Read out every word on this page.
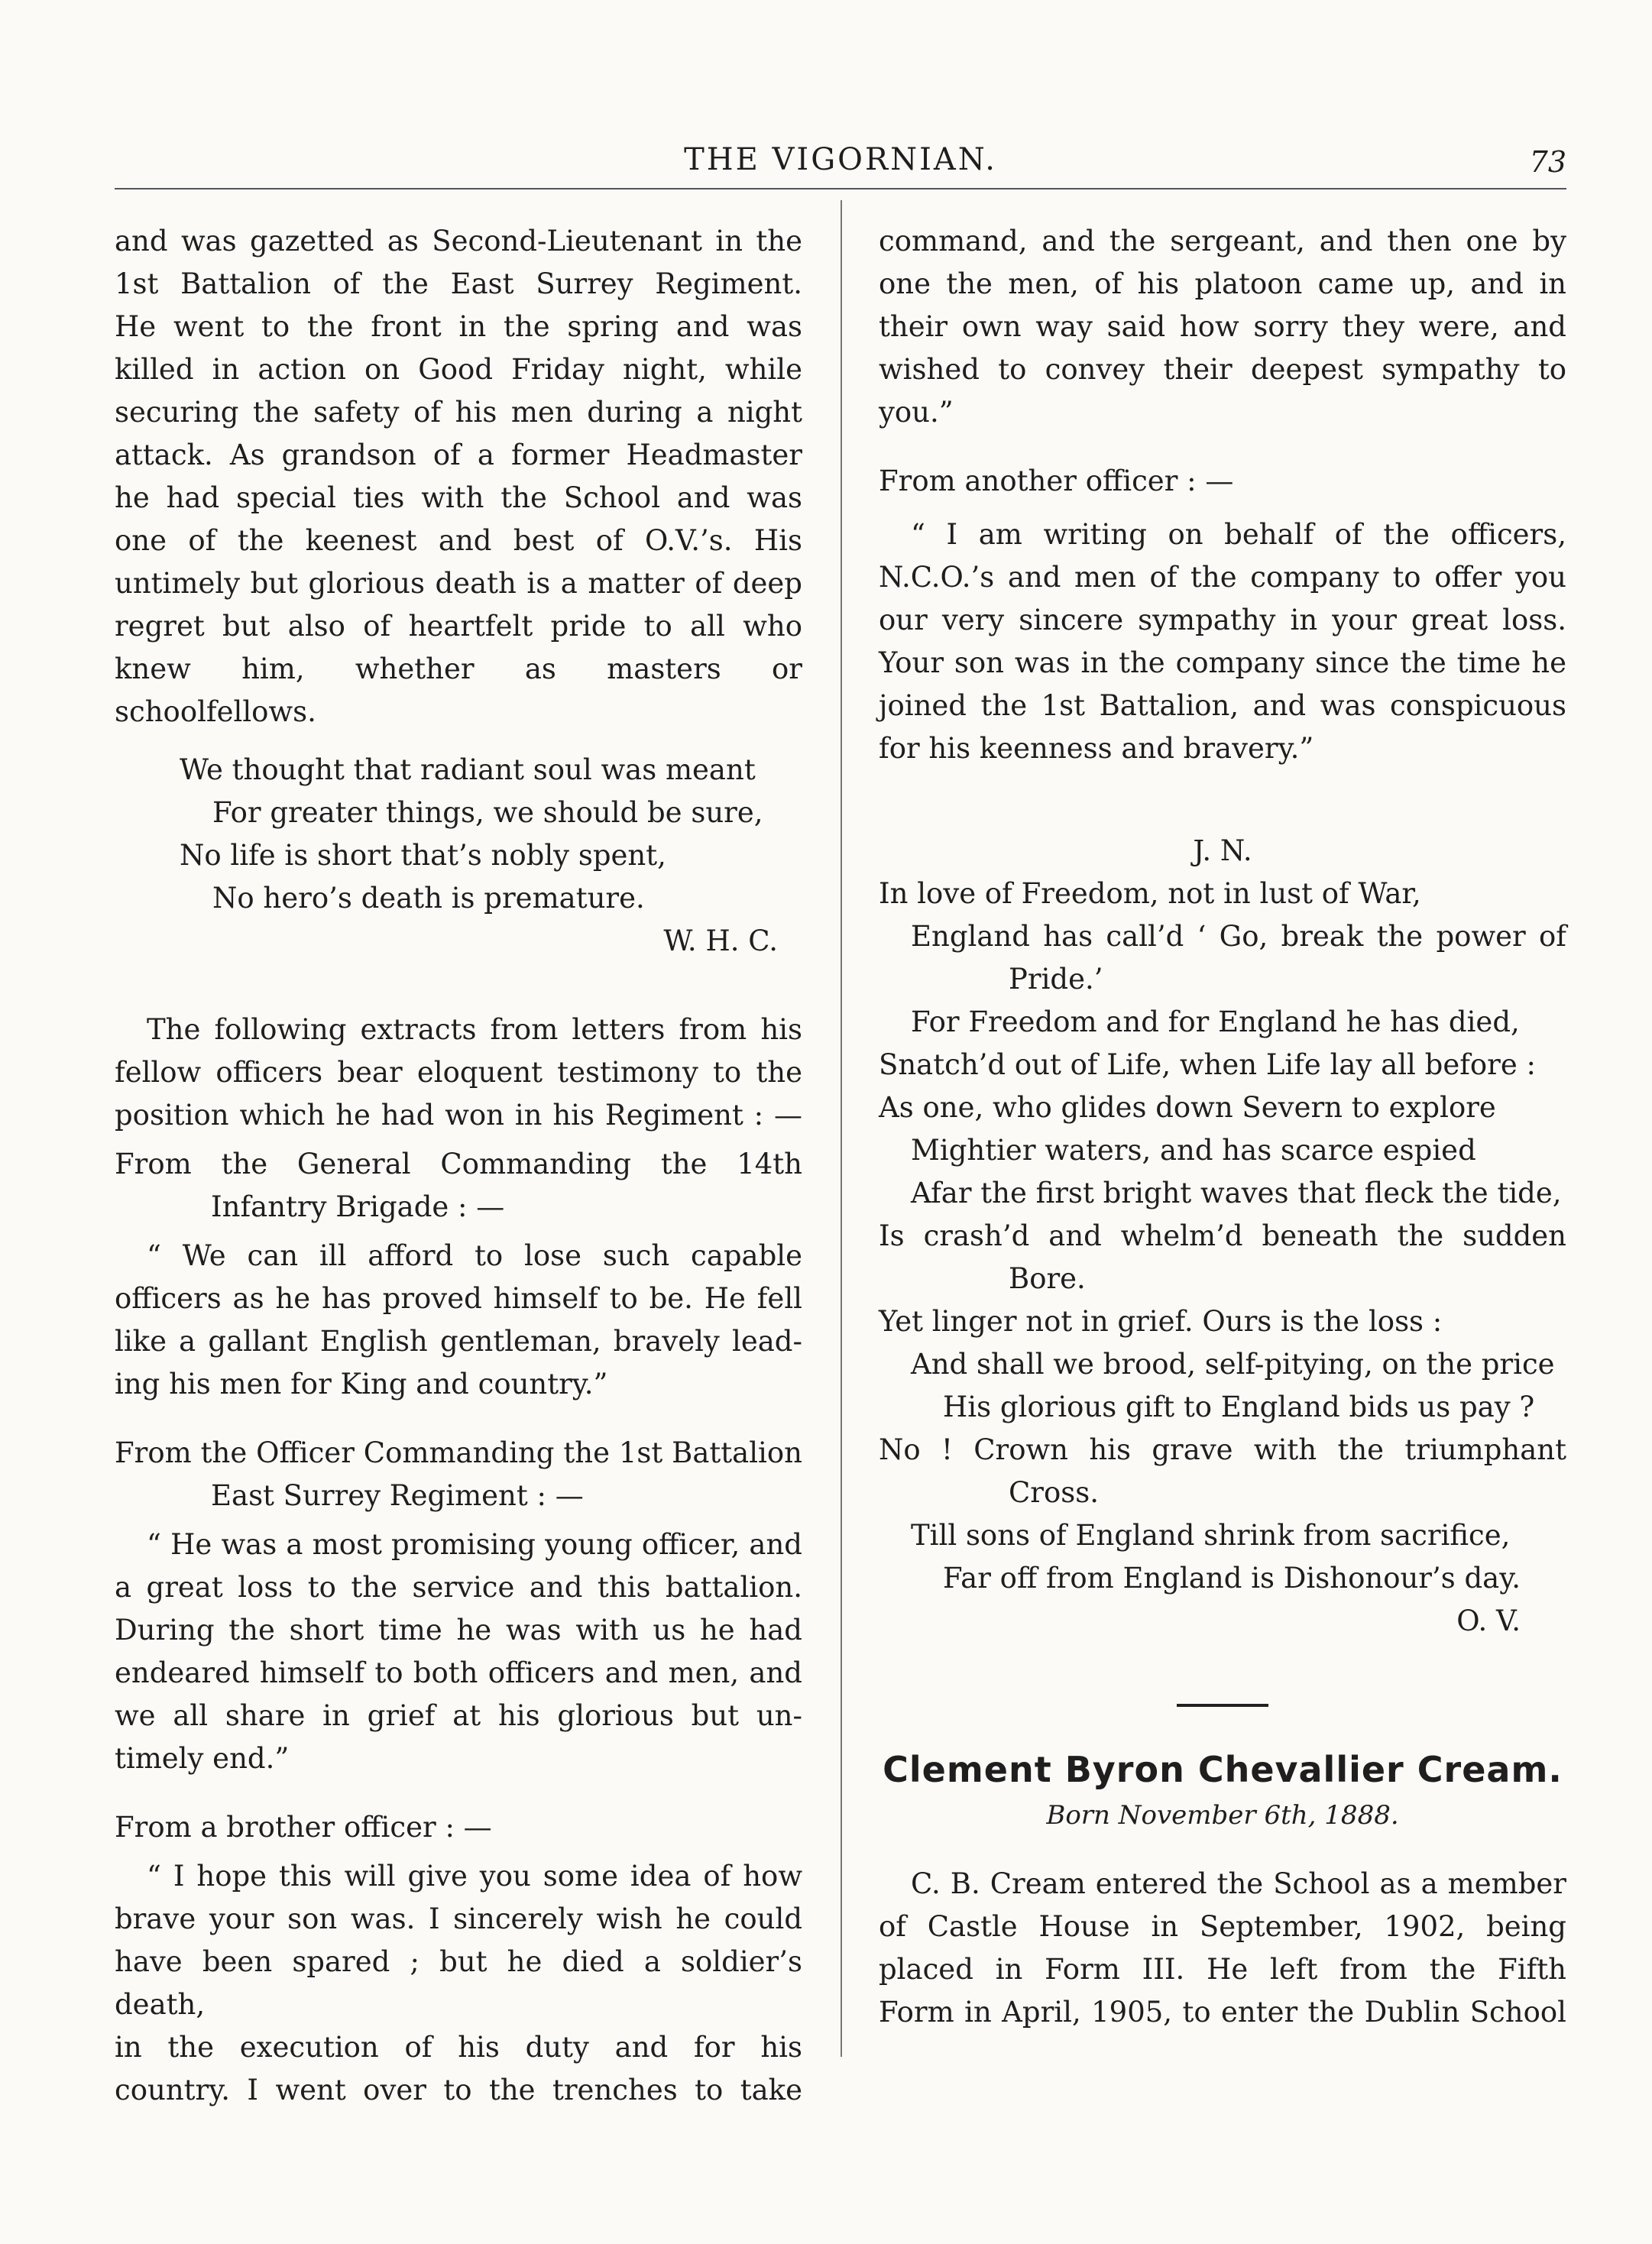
THE VIGORNIAN.	73
and was gazetted as Second-Lieutenant in the
1st Battalion of the East Surrey Regiment.
He went to the front in the spring and was
killed in action on Good Friday night, while
securing the safety of his men during a night
attack. As grandson of a former Headmaster
he had special ties with the School and was
one of the keenest and best of O.V.’s. His
untimely but glorious death is a matter of deep
regret but also of heartfelt pride to all who
knew him, whether as masters or schoolfellows.
We thought that radiant soul was meant
For greater things, we should be sure,
No life is short that’s nobly spent,
No hero’s death is premature.
W. H. C.
The following extracts from letters from his
fellow officers bear eloquent testimony to the
position which he had won in his Regiment : —
From the General Commanding the 14th
Infantry Brigade : —
“ We can ill afford to lose such capable
officers as he has proved himself to be. He fell
like a gallant English gentleman, bravely lead-
ing his men for King and country.”
From the Officer Commanding the 1st Battalion
East Surrey Regiment : —
“ He was a most promising young officer, and
a great loss to the service and this battalion.
During the short time he was with us he had
endeared himself to both officers and men, and
we all share in grief at his glorious but un-
timely end.”
From a brother officer : —
“ I hope this will give you some idea of how
brave your son was. I sincerely wish he could
have been spared ; but he died a soldier’s death,
in the execution of his duty and for his
country. I went over to the trenches to take
command, and the sergeant, and then one by
one the men, of his platoon came up, and in
their own way said how sorry they were, and
wished to convey their deepest sympathy to
you.”
From another officer : —
“ I am writing on behalf of the officers,
N.C.O.’s and men of the company to offer you
our very sincere sympathy in your great loss.
Your son was in the company since the time he
joined the 1st Battalion, and was conspicuous
for his keenness and bravery.”
J. N.
In love of Freedom, not in lust of War,
England has call’d ‘ Go, break the power of
Pride.’
For Freedom and for England he has died,
Snatch’d out of Life, when Life lay all before :
As one, who glides down Severn to explore
Mightier waters, and has scarce espied
Afar the first bright waves that fleck the tide,
Is crash’d and whelm’d beneath the sudden
Bore.
Yet linger not in grief. Ours is the loss :
And shall we brood, self-pitying, on the price
His glorious gift to England bids us pay ?
No ! Crown his grave with the triumphant
Cross.
Till sons of England shrink from sacrifice,
Far off from England is Dishonour’s day.
O. V.
Clement Byron Chevallier Cream.
Born November 6th, 1888.
C. B. Cream entered the School as a member
of Castle House in September, 1902, being
placed in Form III. He left from the Fifth
Form in April, 1905, to enter the Dublin School
